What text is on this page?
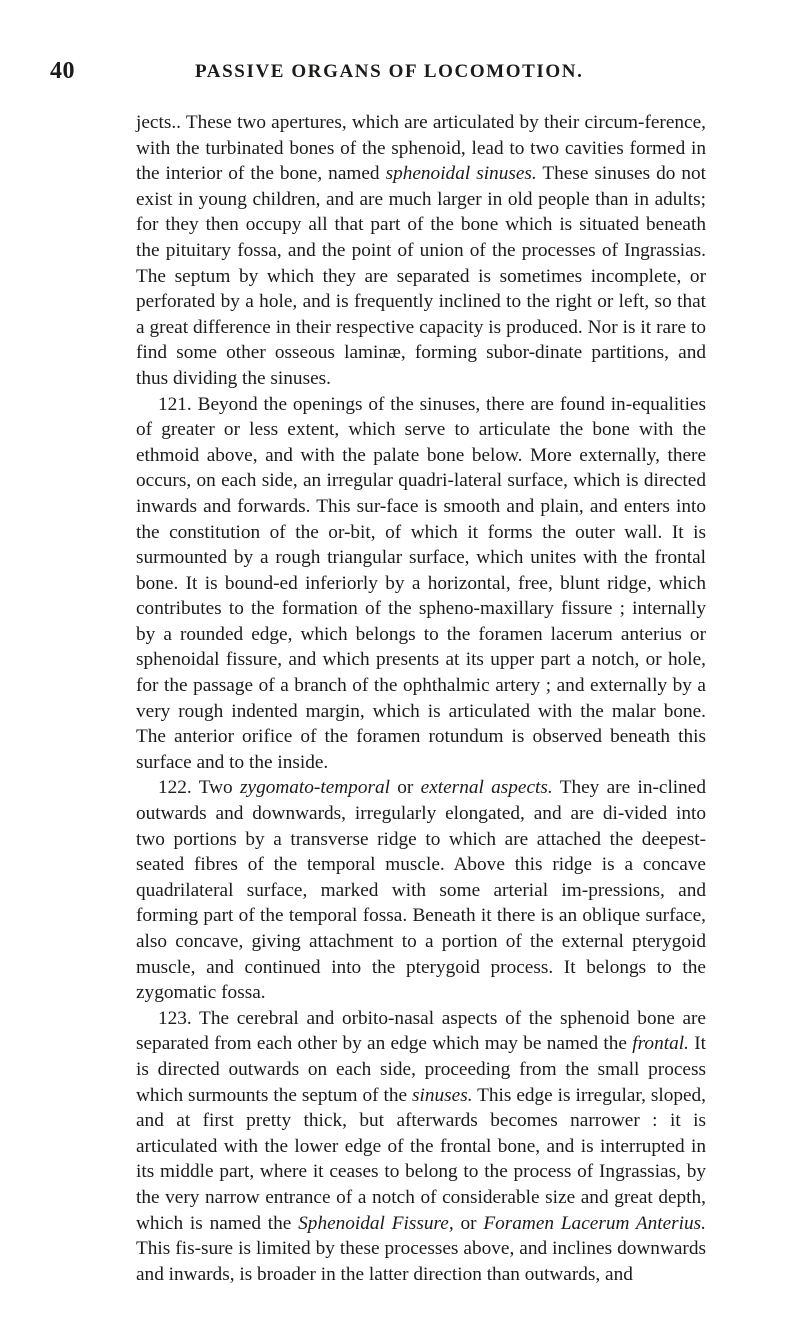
40	PASSIVE ORGANS OF LOCOMOTION.

jects.. These two apertures, which are articulated by their circum-ference, with the turbinated bones of the sphenoid, lead to two cavities formed in the interior of the bone, named sphenoidal sinuses. These sinuses do not exist in young children, and are much larger in old people than in adults; for they then occupy all that part of the bone which is situated beneath the pituitary fossa, and the point of union of the processes of Ingrassias. The septum by which they are separated is sometimes incomplete, or perforated by a hole, and is frequently inclined to the right or left, so that a great difference in their respective capacity is produced. Nor is it rare to find some other osseous laminæ, forming subor-dinate partitions, and thus dividing the sinuses.

121. Beyond the openings of the sinuses, there are found in-equalities of greater or less extent, which serve to articulate the bone with the ethmoid above, and with the palate bone below. More externally, there occurs, on each side, an irregular quadri-lateral surface, which is directed inwards and forwards. This sur-face is smooth and plain, and enters into the constitution of the or-bit, of which it forms the outer wall. It is surmounted by a rough triangular surface, which unites with the frontal bone. It is bound-ed inferiorly by a horizontal, free, blunt ridge, which contributes to the formation of the spheno-maxillary fissure ; internally by a rounded edge, which belongs to the foramen lacerum anterius or sphenoidal fissure, and which presents at its upper part a notch, or hole, for the passage of a branch of the ophthalmic artery ; and externally by a very rough indented margin, which is articulated with the malar bone. The anterior orifice of the foramen rotundum is observed beneath this surface and to the inside.

122. Two zygomato-temporal or external aspects. They are in-clined outwards and downwards, irregularly elongated, and are di-vided into two portions by a transverse ridge to which are attached the deepest-seated fibres of the temporal muscle. Above this ridge is a concave quadrilateral surface, marked with some arterial im-pressions, and forming part of the temporal fossa. Beneath it there is an oblique surface, also concave, giving attachment to a portion of the external pterygoid muscle, and continued into the pterygoid process. It belongs to the zygomatic fossa.

123. The cerebral and orbito-nasal aspects of the sphenoid bone are separated from each other by an edge which may be named the frontal. It is directed outwards on each side, proceeding from the small process which surmounts the septum of the sinuses. This edge is irregular, sloped, and at first pretty thick, but afterwards becomes narrower : it is articulated with the lower edge of the frontal bone, and is interrupted in its middle part, where it ceases to belong to the process of Ingrassias, by the very narrow entrance of a notch of considerable size and great depth, which is named the Sphenoidal Fissure, or Foramen Lacerum Anterius. This fis-sure is limited by these processes above, and inclines downwards and inwards, is broader in the latter direction than outwards, and
